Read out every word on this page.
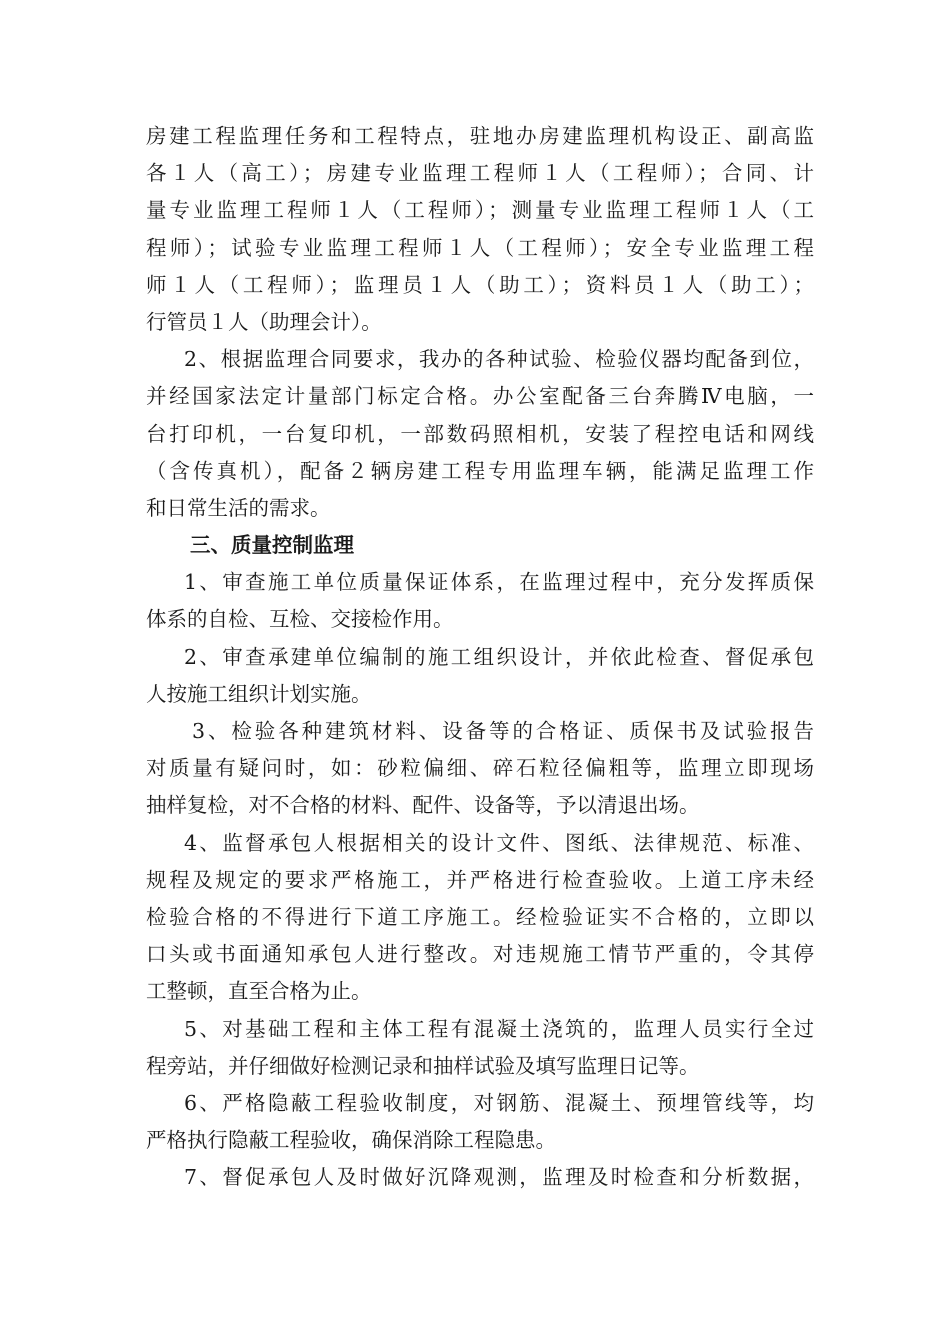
房建工程监理任务和工程特点，驻地办房建监理机构设正、副高监
各１人（高工）；房建专业监理工程师１人（工程师）；合同、计
量专业监理工程师１人（工程师）；测量专业监理工程师１人（工
程师）；试验专业监理工程师１人（工程师）；安全专业监理工程
师１人（工程师）；监理员１人（助工）；资料员１人（助工）；
行管员１人（助理会计）。
2、根据监理合同要求，我办的各种试验、检验仪器均配备到位，
并经国家法定计量部门标定合格。办公室配备三台奔腾Ⅳ电脑，一
台打印机，一台复印机，一部数码照相机，安装了程控电话和网线
（含传真机），配备２辆房建工程专用监理车辆，能满足监理工作
和日常生活的需求。
三、质量控制监理
1、审查施工单位质量保证体系，在监理过程中，充分发挥质保
体系的自检、互检、交接检作用。
2、审查承建单位编制的施工组织设计，并依此检查、督促承包
人按施工组织计划实施。
3、检验各种建筑材料、设备等的合格证、质保书及试验报告
对质量有疑问时，如：砂粒偏细、碎石粒径偏粗等，监理立即现场
抽样复检，对不合格的材料、配件、设备等，予以清退出场。
4、监督承包人根据相关的设计文件、图纸、法律规范、标准、
规程及规定的要求严格施工，并严格进行检查验收。上道工序未经
检验合格的不得进行下道工序施工。经检验证实不合格的，立即以
口头或书面通知承包人进行整改。对违规施工情节严重的，令其停
工整顿，直至合格为止。
5、对基础工程和主体工程有混凝土浇筑的，监理人员实行全过
程旁站，并仔细做好检测记录和抽样试验及填写监理日记等。
6、严格隐蔽工程验收制度，对钢筋、混凝土、预埋管线等，均
严格执行隐蔽工程验收，确保消除工程隐患。
7、督促承包人及时做好沉降观测，监理及时检查和分析数据，
